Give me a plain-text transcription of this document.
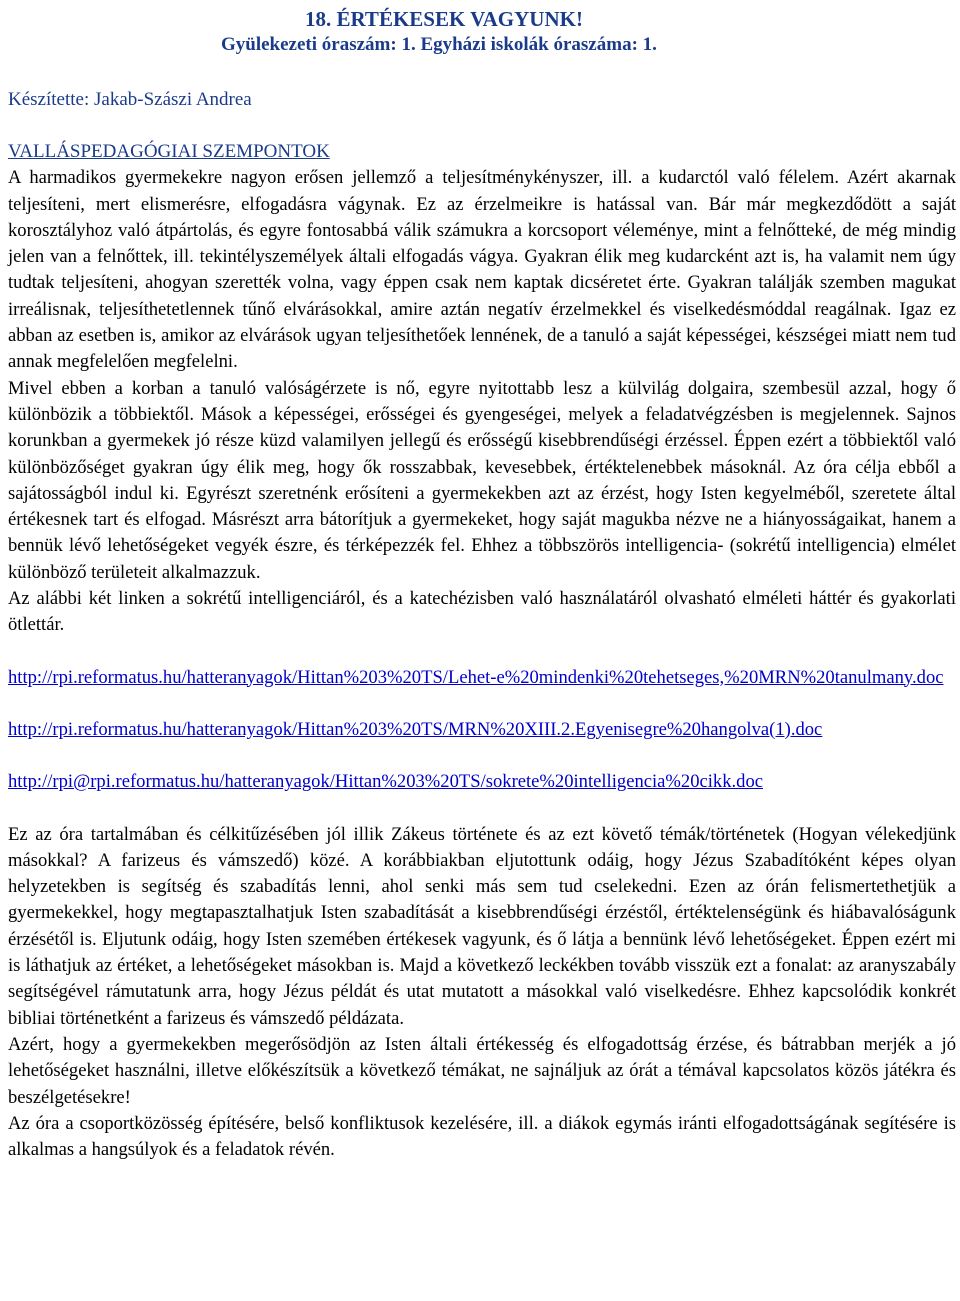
18. ÉRTÉKESEK VAGYUNK!
Gyülekezeti óraszám: 1. Egyházi iskolák óraszáma: 1.
Készítette: Jakab-Szászi Andrea
VALLÁSPEDAGÓGIAI SZEMPONTOK

A harmadikos gyermekekre nagyon erősen jellemző a teljesítménykényszer, ill. a kudarctól való félelem. Azért akarnak teljesíteni, mert elismerésre, elfogadásra vágynak. Ez az érzelmeikre is hatással van. Bár már megkezdődött a saját korosztályhoz való átpártolás, és egyre fontosabbá válik számukra a korcsoport véleménye, mint a felnőtteké, de még mindig jelen van a felnőttek, ill. tekintélyszemélyek általi elfogadás vágya. Gyakran élik meg kudarcként azt is, ha valamit nem úgy tudtak teljesíteni, ahogyan szerették volna, vagy éppen csak nem kaptak dicséretet érte. Gyakran találják szemben magukat irreálisnak, teljesíthetetlennek tűnő elvárásokkal, amire aztán negatív érzelmekkel és viselkedésmóddal reagálnak. Igaz ez abban az esetben is, amikor az elvárások ugyan teljesíthetőek lennének, de a tanuló a saját képességei, készségei miatt nem tud annak megfelelően megfelelni.

Mivel ebben a korban a tanuló valóságérzete is nő, egyre nyitottabb lesz a külvilág dolgaira, szembesül azzal, hogy ő különbözik a többiektől. Mások a képességei, erősségei és gyengeségei, melyek a feladatvégzésben is megjelennek. Sajnos korunkban a gyermekek jó része küzd valamilyen jellegű és erősségű kisebbrendűségi érzéssel. Éppen ezért a többiektől való különbözőséget gyakran úgy élik meg, hogy ők rosszabbak, kevesebbek, értéktelenebbek másoknál. Az óra célja ebből a sajátosságból indul ki. Egyrészt szeretnénk erősíteni a gyermekekben azt az érzést, hogy Isten kegyelméből, szeretete által értékesnek tart és elfogad. Másrészt arra bátorítjuk a gyermekeket, hogy saját magukba nézve ne a hiányosságaikat, hanem a bennük lévő lehetőségeket vegyék észre, és térképezzék fel. Ehhez a többszörös intelligencia- (sokrétű intelligencia) elmélet különböző területeit alkalmazzuk.

Az alábbi két linken a sokrétű intelligenciáról, és a katechézisben való használatáról olvasható elméleti háttér és gyakorlati ötlettár.

http://rpi.reformatus.hu/hatteranyagok/Hittan%203%20TS/Lehet-e%20mindenki%20tehetseges,%20MRN%20tanulmany.doc
http://rpi.reformatus.hu/hatteranyagok/Hittan%203%20TS/MRN%20XIII.2.Egyenisegre%20hangolva(1).doc
http://rpi@rpi.reformatus.hu/hatteranyagok/Hittan%203%20TS/sokrete%20intelligencia%20cikk.doc

Ez az óra tartalmában és célkitűzésében jól illik Zákeus története és az ezt követő témák/történetek (Hogyan vélekedjünk másokkal? A farizeus és vámszedő) közé. A korábbiakban eljutottunk odáig, hogy Jézus Szabadítóként képes olyan helyzetekben is segítség és szabadítás lenni, ahol senki más sem tud cselekedni. Ezen az órán felismertethetjük a gyermekekkel, hogy megtapasztalhatjuk Isten szabadítását a kisebbrendűségi érzéstől, értéktelenségünk és hiábavalóságunk érzésétől is. Eljutunk odáig, hogy Isten szemében értékesek vagyunk, és ő látja a bennünk lévő lehetőségeket. Éppen ezért mi is láthatjuk az értéket, a lehetőségeket másokban is. Majd a következő leckékben tovább visszük ezt a fonalat: az aranyszabály segítségével rámutatunk arra, hogy Jézus példát és utat mutatott a másokkal való viselkedésre. Ehhez kapcsolódik konkrét bibliai történetként a farizeus és vámszedő példázata.

Azért, hogy a gyermekekben megerősödjön az Isten általi értékesség és elfogadottság érzése, és bátrabban merjék a jó lehetőségeket használni, illetve előkészítsük a következő témákat, ne sajnáljuk az órát a témával kapcsolatos közös játékra és beszélgetésekre!

Az óra a csoportközösség építésére, belső konfliktusok kezelésére, ill. a diákok egymás iránti elfogadottságának segítésére is alkalmas a hangsúlyok és a feladatok révén.
